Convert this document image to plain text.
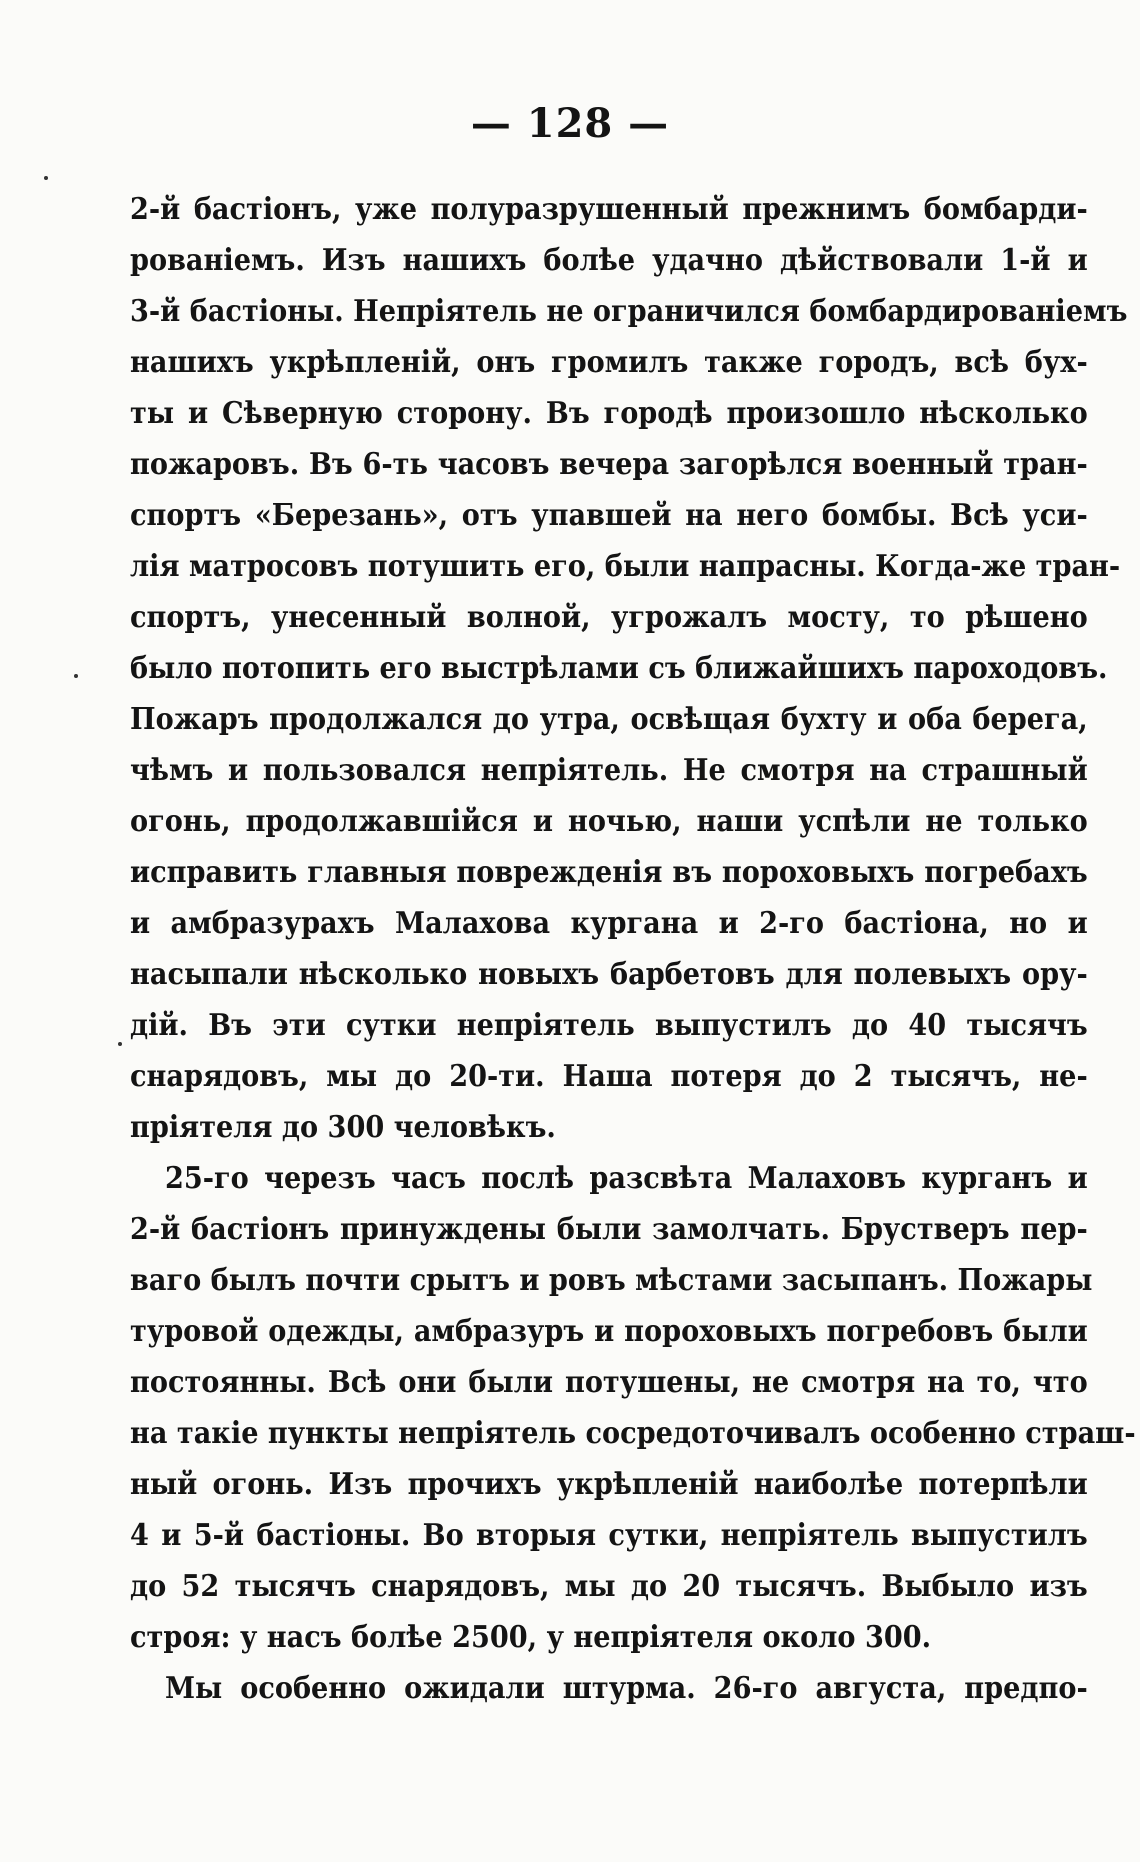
— 128 —
2-й бастіонъ, уже полуразрушенный прежнимъ бомбарди-
рованіемъ. Изъ нашихъ болѣе удачно дѣйствовали 1-й и
3-й бастіоны. Непріятель не ограничился бомбардированіемъ
нашихъ укрѣпленій, онъ громилъ также городъ, всѣ бух-
ты и Сѣверную сторону. Въ городѣ произошло нѣсколько
пожаровъ. Въ 6-ть часовъ вечера загорѣлся военный тран-
спортъ «Березань», отъ упавшей на него бомбы. Всѣ уси-
лія матросовъ потушить его, были напрасны. Когда-же тран-
спортъ, унесенный волной, угрожалъ мосту, то рѣшено
было потопить его выстрѣлами съ ближайшихъ пароходовъ.
Пожаръ продолжался до утра, освѣщая бухту и оба берега,
чѣмъ и пользовался непріятель. Не смотря на страшный
огонь, продолжавшійся и ночью, наши успѣли не только
исправить главныя поврежденія въ пороховыхъ погребахъ
и амбразурахъ Малахова кургана и 2-го бастіона, но и
насыпали нѣсколько новыхъ барбетовъ для полевыхъ ору-
дій. Въ эти сутки непріятель выпустилъ до 40 тысячъ
снарядовъ, мы до 20-ти. Наша потеря до 2 тысячъ, не-
пріятеля до 300 человѣкъ.
25-го черезъ часъ послѣ разсвѣта Малаховъ курганъ и
2-й бастіонъ принуждены были замолчать. Брустверъ пер-
ваго былъ почти срытъ и ровъ мѣстами засыпанъ. Пожары
туровой одежды, амбразуръ и пороховыхъ погребовъ были
постоянны. Всѣ они были потушены, не смотря на то, что
на такіе пункты непріятель сосредоточивалъ особенно страш-
ный огонь. Изъ прочихъ укрѣпленій наиболѣе потерпѣли
4 и 5-й бастіоны. Во вторыя сутки, непріятель выпустилъ
до 52 тысячъ снарядовъ, мы до 20 тысячъ. Выбыло изъ
строя: у насъ болѣе 2500, у непріятеля около 300.
Мы особенно ожидали штурма. 26-го августа, предпо-
